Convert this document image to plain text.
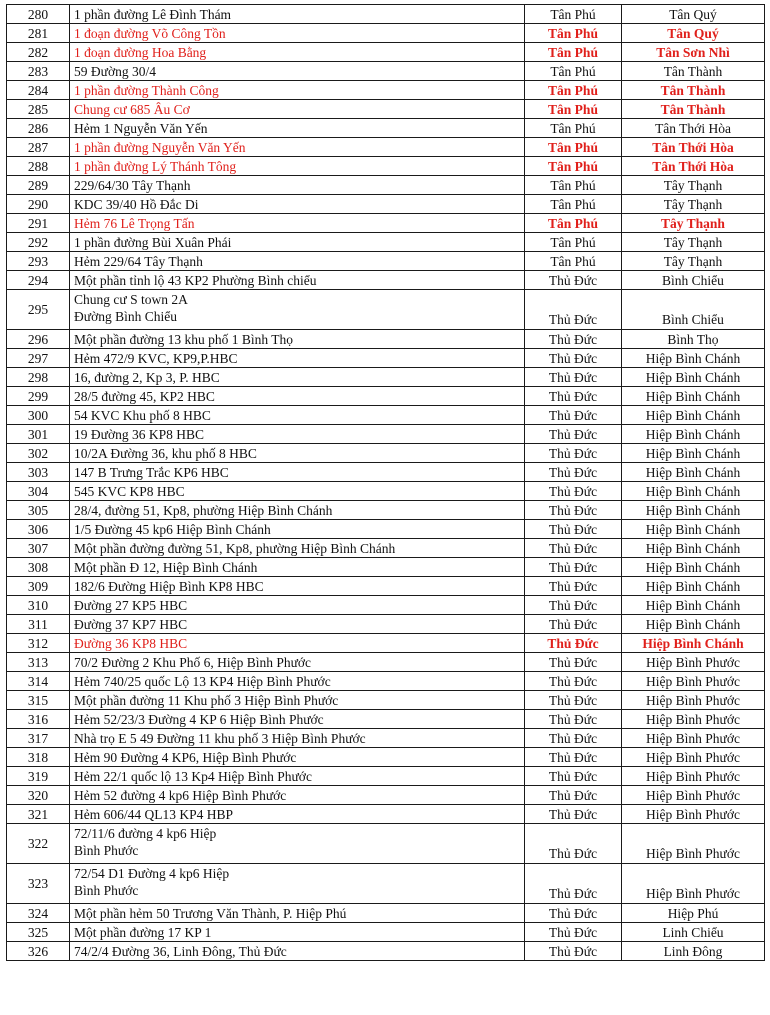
280	1 phần đường Lê Đình Thám	Tân Phú	Tân Quý
281	1 đoạn đường Võ Công Tồn	Tân Phú	Tân Quý
282	1 đoạn đường Hoa Bằng	Tân Phú	Tân Sơn Nhì
283	59 Đường 30/4	Tân Phú	Tân Thành
284	1 phần đường Thành Công	Tân Phú	Tân Thành
285	Chung cư 685 Âu Cơ	Tân Phú	Tân Thành
286	Hẻm 1 Nguyễn Văn Yến	Tân Phú	Tân Thới Hòa
287	1 phần đường Nguyễn Văn Yến	Tân Phú	Tân Thới Hòa
288	1 phần đường Lý Thánh Tông	Tân Phú	Tân Thới Hòa
289	229/64/30 Tây Thạnh	Tân Phú	Tây Thạnh
290	KDC 39/40 Hồ Đắc Di	Tân Phú	Tây Thạnh
291	Hẻm 76 Lê Trọng Tấn	Tân Phú	Tây Thạnh
292	1 phần đường Bùi Xuân Phái	Tân Phú	Tây Thạnh
293	Hẻm 229/64 Tây Thạnh	Tân Phú	Tây Thạnh
294	Một phần tỉnh lộ 43 KP2 Phường Bình chiểu	Thủ Đức	Bình Chiểu
295	Chung cư S town 2A
Đường Bình Chiểu	Thủ Đức	Bình Chiểu
296	Một phần đường 13 khu phố 1 Bình Thọ	Thủ Đức	Bình Thọ
297	Hẻm 472/9 KVC, KP9,P.HBC	Thủ Đức	Hiệp Bình Chánh
298	16, đường 2, Kp 3, P. HBC	Thủ Đức	Hiệp Bình Chánh
299	28/5 đường 45, KP2 HBC	Thủ Đức	Hiệp Bình Chánh
300	54 KVC Khu phố 8 HBC	Thủ Đức	Hiệp Bình Chánh
301	19 Đường 36 KP8 HBC	Thủ Đức	Hiệp Bình Chánh
302	10/2A Đường 36, khu phố 8 HBC	Thủ Đức	Hiệp Bình Chánh
303	147 B Trưng Trắc KP6 HBC	Thủ Đức	Hiệp Bình Chánh
304	545 KVC KP8 HBC	Thủ Đức	Hiệp Bình Chánh
305	28/4, đường 51, Kp8, phường Hiệp Bình Chánh	Thủ Đức	Hiệp Bình Chánh
306	1/5 Đường 45 kp6 Hiệp Bình Chánh	Thủ Đức	Hiệp Bình Chánh
307	Một phần đường đường 51, Kp8, phường Hiệp Bình Chánh	Thủ Đức	Hiệp Bình Chánh
308	Một phần Đ 12, Hiệp Bình Chánh	Thủ Đức	Hiệp Bình Chánh
309	182/6 Đường Hiệp Bình KP8 HBC	Thủ Đức	Hiệp Bình Chánh
310	Đường 27 KP5 HBC	Thủ Đức	Hiệp Bình Chánh
311	Đường 37 KP7 HBC	Thủ Đức	Hiệp Bình Chánh
312	Đường 36 KP8 HBC	Thủ Đức	Hiệp Bình Chánh
313	70/2 Đường 2 Khu Phố 6, Hiệp Bình Phước	Thủ Đức	Hiệp Bình Phước
314	Hẻm 740/25 quốc Lộ 13 KP4 Hiệp Bình Phước	Thủ Đức	Hiệp Bình Phước
315	Một phần đường 11 Khu phố 3 Hiệp Bình Phước	Thủ Đức	Hiệp Bình Phước
316	Hẻm 52/23/3 Đường 4 KP 6 Hiệp Bình Phước	Thủ Đức	Hiệp Bình Phước
317	Nhà trọ E 5 49 Đường 11 khu phố 3 Hiệp Bình Phước	Thủ Đức	Hiệp Bình Phước
318	Hẻm 90 Đường 4 KP6, Hiệp Bình Phước	Thủ Đức	Hiệp Bình Phước
319	Hẻm 22/1 quốc lộ 13 Kp4 Hiệp Bình Phước	Thủ Đức	Hiệp Bình Phước
320	Hẻm 52 đường 4 kp6 Hiệp Bình Phước	Thủ Đức	Hiệp Bình Phước
321	Hẻm 606/44 QL13 KP4 HBP	Thủ Đức	Hiệp Bình Phước
322	72/11/6 đường 4 kp6 Hiệp
Bình Phước	Thủ Đức	Hiệp Bình Phước
323	72/54 D1 Đường 4 kp6 Hiệp
Bình Phước	Thủ Đức	Hiệp Bình Phước
324	Một phần hẻm 50 Trương Văn Thành, P. Hiệp Phú	Thủ Đức	Hiệp Phú
325	Một phần đường 17 KP 1	Thủ Đức	Linh Chiểu
326	74/2/4 Đường 36, Linh Đông, Thủ Đức	Thủ Đức	Linh Đông
